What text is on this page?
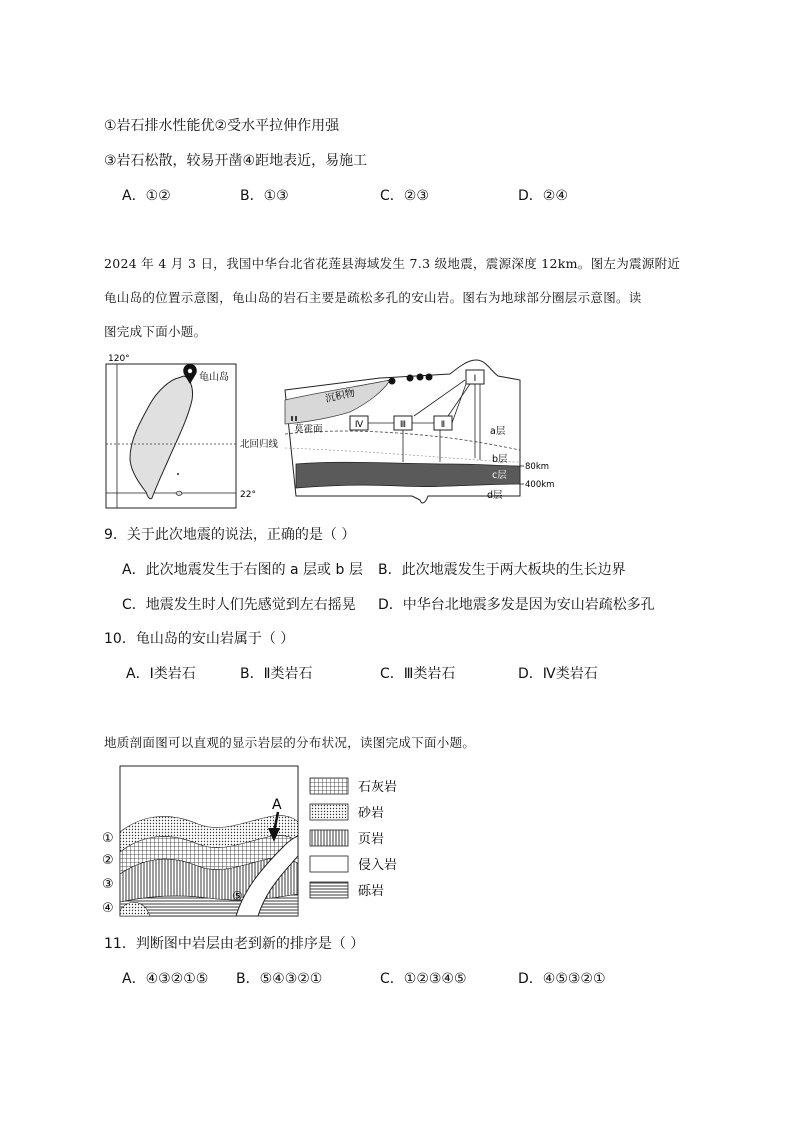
①岩石排水性能优②受水平拉伸作用强
③岩石松散，较易开凿④距地表近，易施工
A．①②	B．①③	C．②③	D．②④
2024 年 4 月 3 日，我国中华台北省花莲县海域发生 7.3 级地震，震源深度 12km。图左为震源附近
龟山岛的位置示意图，龟山岛的岩石主要是疏松多孔的安山岩。图右为地球部分圈层示意图。读
图完成下面小题。
120°
22°
龟山岛
北回归线
沉积物
莫霍面
Ⅰ
Ⅱ
Ⅲ
Ⅳ
a层
b层
c层
d层
80km
400km
9．关于此次地震的说法，正确的是（ ）
A．此次地震发生于右图的 a 层或 b 层 B．此次地震发生于两大板块的生长边界
C．地震发生时人们先感觉到左右摇晃 D．中华台北地震多发是因为安山岩疏松多孔
10．龟山岛的安山岩属于（ ）
A．Ⅰ类岩石	B．Ⅱ类岩石	C．Ⅲ类岩石	D．Ⅳ类岩石
地质剖面图可以直观的显示岩层的分布状况，读图完成下面小题。
A
①
②
③
④
⑤
石灰岩
砂岩
页岩
侵入岩
砾岩
11．判断图中岩层由老到新的排序是（ ）
A．④③②①⑤ B．⑤④③②①	C．①②③④⑤	D．④⑤③②①
